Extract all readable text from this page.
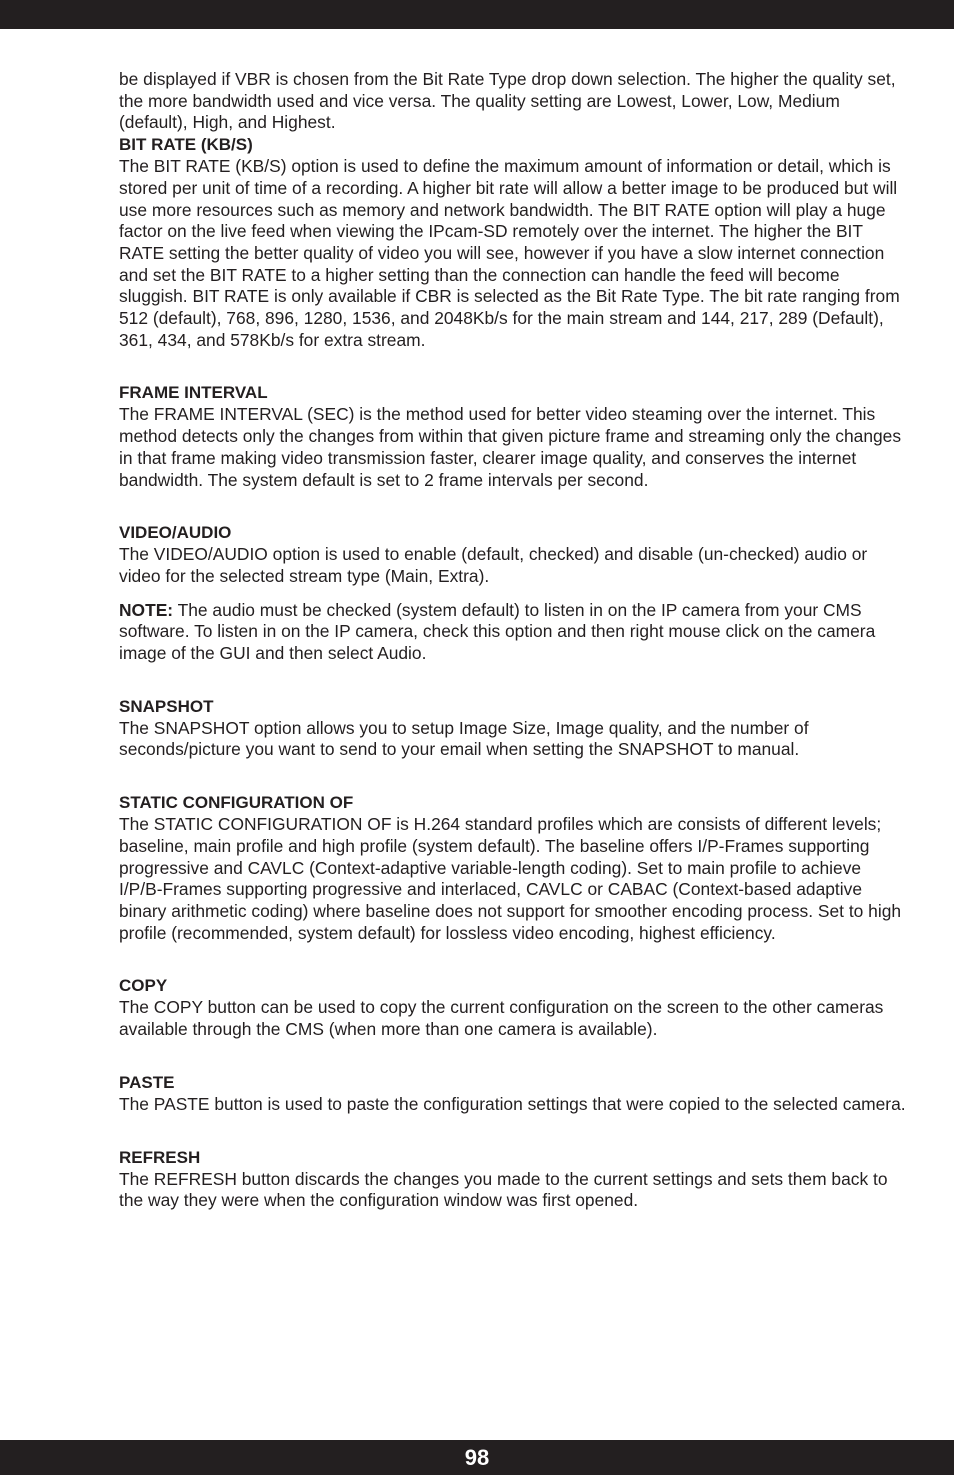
be displayed if VBR is chosen from the Bit Rate Type drop down selection. The higher the quality set, the more bandwidth used and vice versa. The quality setting are Lowest, Lower, Low, Medium (default), High, and Highest.

BIT RATE (KB/S)

The BIT RATE (KB/S) option is used to define the maximum amount of information or detail, which is stored per unit of time of a recording. A higher bit rate will allow a better image to be produced but will use more resources such as memory and network bandwidth. The BIT RATE option will play a huge factor on the live feed when viewing the IPcam-SD remotely over the internet. The higher the BIT RATE setting the better quality of video you will see, however if you have a slow internet connection and set the BIT RATE to a higher setting than the connection can handle the feed will become sluggish. BIT RATE is only available if CBR is selected as the Bit Rate Type. The bit rate ranging from 512 (default), 768, 896, 1280, 1536, and 2048Kb/s for the main stream and 144, 217, 289 (Default), 361, 434, and 578Kb/s for extra stream.

FRAME INTERVAL

The FRAME INTERVAL (SEC) is the method used for better video steaming over the internet. This method detects only the changes from within that given picture frame and streaming only the changes in that frame making video transmission faster, clearer image quality, and conserves the internet bandwidth. The system default is set to 2 frame intervals per second.

VIDEO/AUDIO

The VIDEO/AUDIO option is used to enable (default, checked) and disable (un-checked) audio or video for the selected stream type (Main, Extra).

NOTE: The audio must be checked (system default) to listen in on the IP camera from your CMS software. To listen in on the IP camera, check this option and then right mouse click on the camera image of the GUI and then select Audio.

SNAPSHOT

The SNAPSHOT option allows you to setup Image Size, Image quality, and the number of seconds/picture you want to send to your email when setting the SNAPSHOT to manual.

STATIC CONFIGURATION OF

The STATIC CONFIGURATION OF is H.264 standard profiles which are consists of different levels; baseline, main profile and high profile (system default). The baseline offers I/P-Frames supporting progressive and CAVLC (Context-adaptive variable-length coding). Set to main profile to achieve I/P/B-Frames supporting progressive and interlaced, CAVLC or CABAC (Context-based adaptive binary arithmetic coding) where baseline does not support for smoother encoding process. Set to high profile (recommended, system default) for lossless video encoding, highest efficiency.

COPY

The COPY button can be used to copy the current configuration on the screen to the other cameras available through the CMS (when more than one camera is available).

PASTE

The PASTE button is used to paste the configuration settings that were copied to the selected camera.

REFRESH

The REFRESH button discards the changes you made to the current settings and sets them back to the way they were when the configuration window was first opened.

98
